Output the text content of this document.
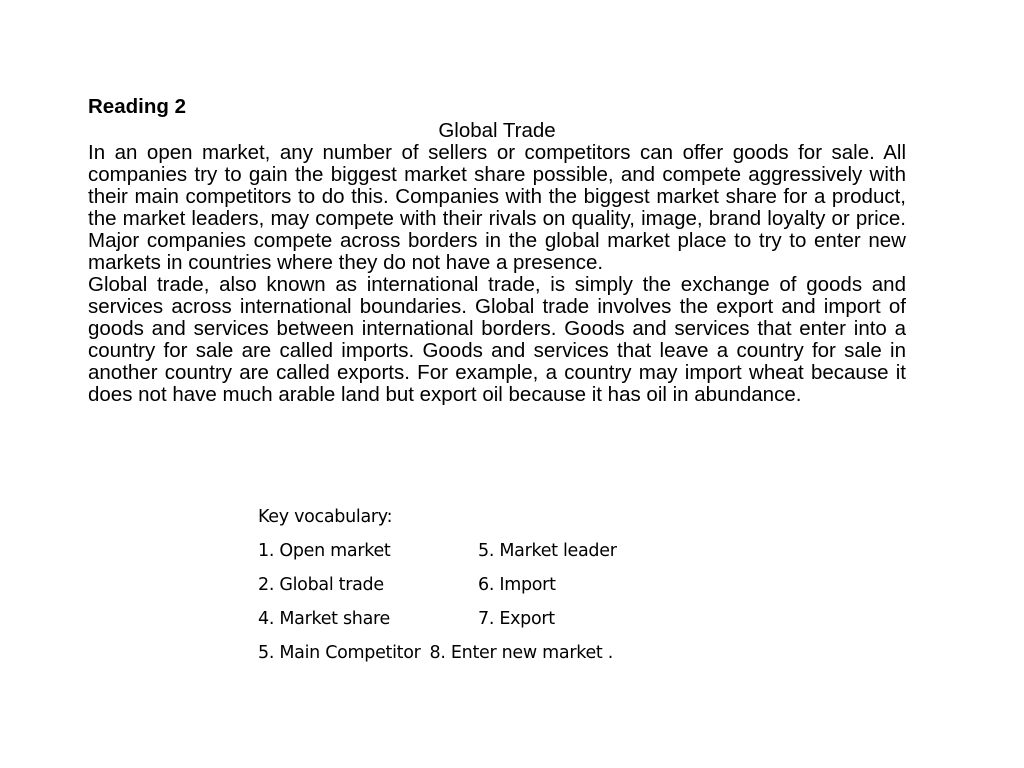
Reading 2
Global Trade

In an open market, any number of sellers or competitors can offer goods for sale. All companies try to gain the biggest market share possible, and compete aggressively with their main competitors to do this. Companies with the biggest market share for a product, the market leaders, may compete with their rivals on quality, image, brand loyalty or price. Major companies compete across borders in the global market place to try to enter new markets in countries where they do not have a presence.

Global trade, also known as international trade, is simply the exchange of goods and services across international boundaries. Global trade involves the export and import of goods and services between international borders. Goods and services that enter into a country for sale are called imports. Goods and services that leave a country for sale in another country are called exports. For example, a country may import wheat because it does not have much arable land but export oil because it has oil in abundance.

Key vocabulary:

1. Open market	5. Market leader
2. Global trade	6. Import
4. Market share	7. Export
5. Main Competitor 8. Enter new market .
